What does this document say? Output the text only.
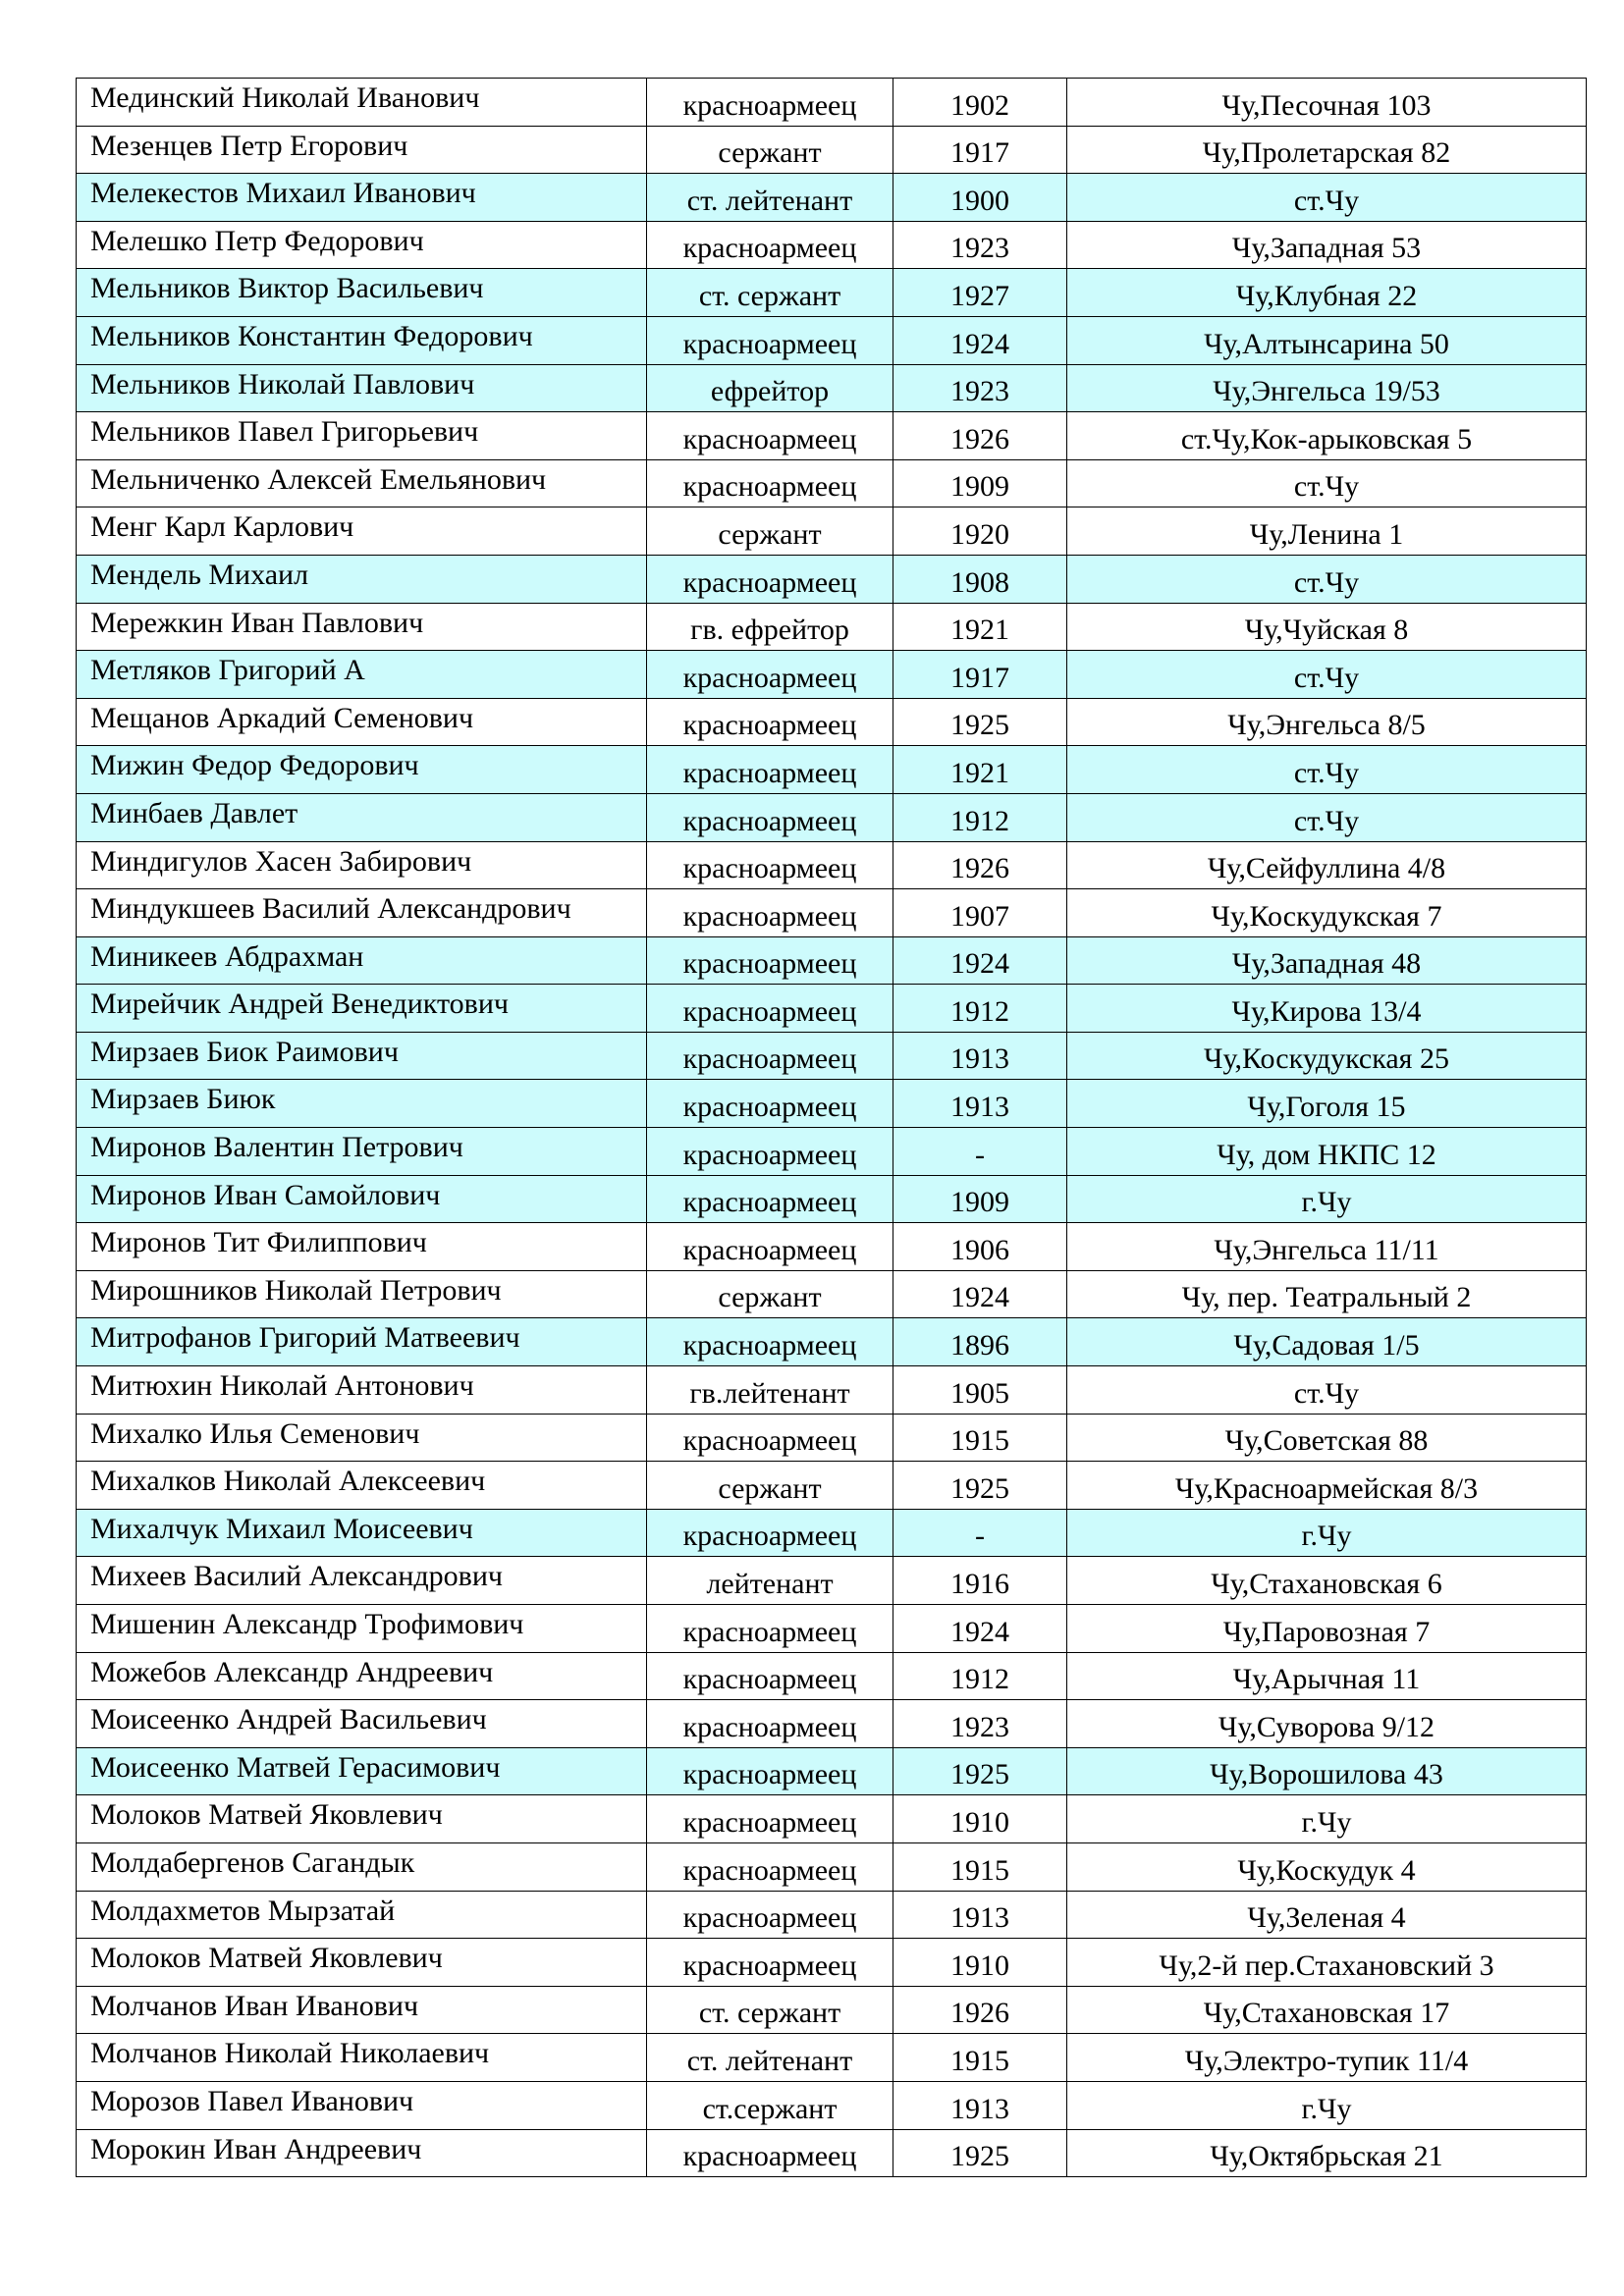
Мединский Николай Иванович	красноармеец	1902	Чу,Песочная 103
Мезенцев Петр Егорович	сержант	1917	Чу,Пролетарская 82
Мелекестов Михаил Иванович	ст. лейтенант	1900	ст.Чу
Мелешко Петр Федорович	красноармеец	1923	Чу,Западная 53
Мельников Виктор Васильевич	ст. сержант	1927	Чу,Клубная 22
Мельников Константин Федорович	красноармеец	1924	Чу,Алтынсарина 50
Мельников Николай Павлович	ефрейтор	1923	Чу,Энгельса 19/53
Мельников Павел Григорьевич	красноармеец	1926	ст.Чу,Кок-арыковская 5
Мельниченко Алексей Емельянович	красноармеец	1909	ст.Чу
Менг Карл Карлович	сержант	1920	Чу,Ленина 1
Мендель Михаил	красноармеец	1908	ст.Чу
Мережкин Иван Павлович	гв. ефрейтор	1921	Чу,Чуйская 8
Метляков Григорий А	красноармеец	1917	ст.Чу
Мещанов Аркадий Семенович	красноармеец	1925	Чу,Энгельса 8/5
Мижин Федор Федорович	красноармеец	1921	ст.Чу
Минбаев Давлет	красноармеец	1912	ст.Чу
Миндигулов Хасен Забирович	красноармеец	1926	Чу,Сейфуллина 4/8
Миндукшеев Василий Александрович	красноармеец	1907	Чу,Коскудукская 7
Миникеев Абдрахман	красноармеец	1924	Чу,Западная 48
Мирейчик Андрей Венедиктович	красноармеец	1912	Чу,Кирова 13/4
Мирзаев Биок Раимович	красноармеец	1913	Чу,Коскудукская 25
Мирзаев Биюк	красноармеец	1913	Чу,Гоголя 15
Миронов Валентин Петрович	красноармеец	-	Чу, дом НКПС 12
Миронов Иван Самойлович	красноармеец	1909	г.Чу
Миронов Тит Филиппович	красноармеец	1906	Чу,Энгельса 11/11
Мирошников Николай Петрович	сержант	1924	Чу, пер. Театральный 2
Митрофанов Григорий Матвеевич	красноармеец	1896	Чу,Садовая 1/5
Митюхин Николай Антонович	гв.лейтенант	1905	ст.Чу
Михалко Илья Семенович	красноармеец	1915	Чу,Советская 88
Михалков Николай Алексеевич	сержант	1925	Чу,Красноармейская 8/3
Михалчук Михаил Моисеевич	красноармеец	-	г.Чу
Михеев Василий Александрович	лейтенант	1916	Чу,Стахановская 6
Мишенин Александр Трофимович	красноармеец	1924	Чу,Паровозная 7
Можебов Александр Андреевич	красноармеец	1912	Чу,Арычная 11
Моисеенко Андрей Васильевич	красноармеец	1923	Чу,Суворова 9/12
Моисеенко Матвей Герасимович	красноармеец	1925	Чу,Ворошилова 43
Молоков Матвей Яковлевич	красноармеец	1910	г.Чу
Молдабергенов Сагандык	красноармеец	1915	Чу,Коскудук 4
Молдахметов Мырзатай	красноармеец	1913	Чу,Зеленая 4
Молоков Матвей Яковлевич	красноармеец	1910	Чу,2-й пер.Стахановский 3
Молчанов Иван Иванович	ст. сержант	1926	Чу,Стахановская 17
Молчанов Николай Николаевич	ст. лейтенант	1915	Чу,Электро-тупик 11/4
Морозов Павел Иванович	ст.сержант	1913	г.Чу
Морокин Иван Андреевич	красноармеец	1925	Чу,Октябрьская 21
